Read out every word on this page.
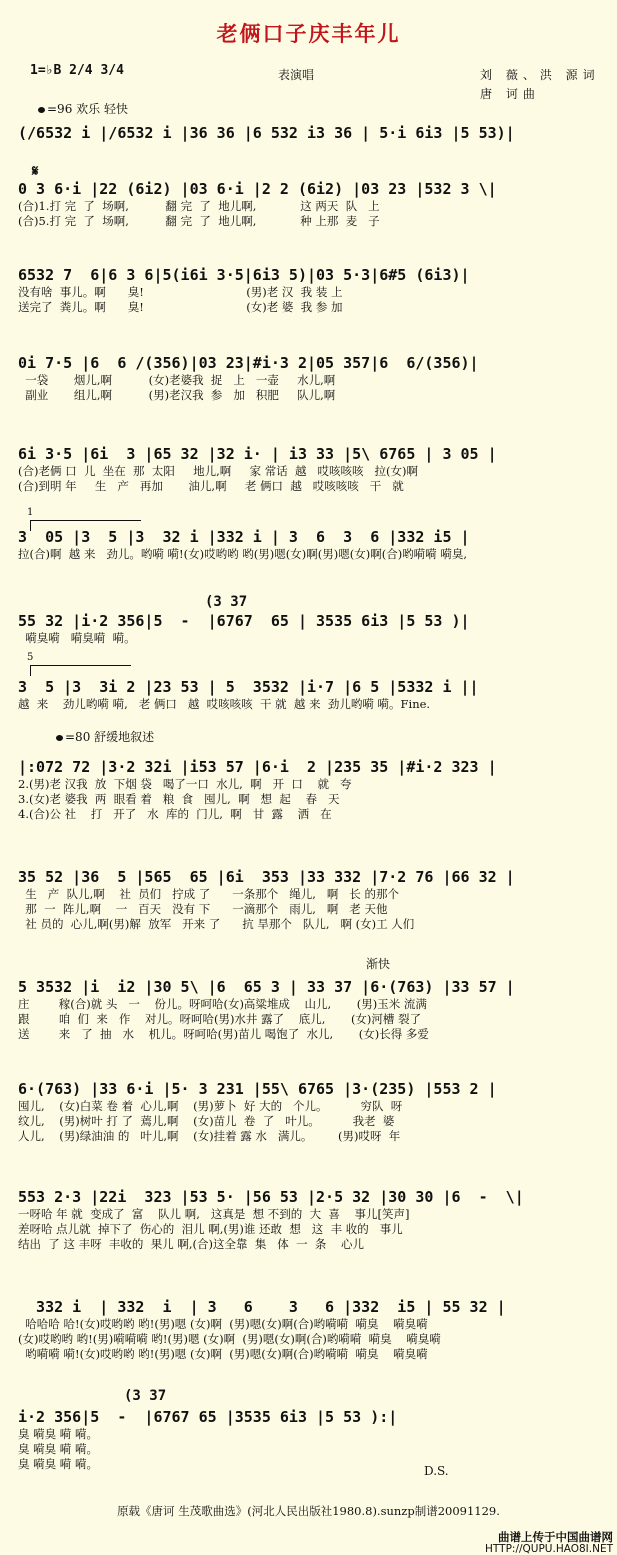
老俩口子庆丰年儿
1=♭B 2/4 3/4	表演唱	刘 薇、洪 源词
唐 诃曲
=96 欢乐 轻快
(/6532 i |/6532 i |36 36 |6 532 i3 36 | 5·i 6i3 |5 53)|
𝄋
0 3 6·i |22 (6i2) |03 6·i |2 2 (6i2) |03 23 |532 3 \|
(合)1.打 完  了  场啊,          翻 完  了  地儿啊,            这 两天  队   上
(合)5.打 完  了  场啊,          翻 完  了  地儿啊,            种 上那  麦   子
6532 7  6|6 3 6|5(i6i 3·5|6i3 5)|03 5·3|6#5 (6i3)|
没有啥  事儿。啊      臭!                            (男)老 汉  我 装 上
送完了  粪儿。啊      臭!                            (女)老 婆  我 参 加
0i 7·5 |6  6 /(356)|03 23|#i·3 2|05 357|6  6/(356)|
一袋       烟儿,啊          (女)老婆我  捉   上   一壶     水儿,啊
副业       组儿,啊          (男)老汉我  参   加   积肥     队儿,啊
6i 3·5 |6i  3 |65 32 |32 i· | i3 33 |5\ 6765 | 3 05 |
(合)老俩 口  儿  坐在  那  太阳     地儿,啊     家 常话  越   哎咳咳咳   拉(女)啊
(合)到明 年     生   产   再加       油儿,啊     老 俩口  越   哎咳咳咳   干   就
1
3  05 |3  5 |3  32 i |332 i | 3  6  3  6 |332 i5 |
拉(合)啊  越 来   劲儿。哟嗬 嗬!(女)哎哟哟 哟(男)嗯(女)啊(男)嗯(女)啊(合)哟嗬嗬 嗬臭,
(3 37
55 32 |i·2 356|5  -  |6767  65 | 3535 6i3 |5 53 )|
嗬臭嗬   嗬臭嗬  嗬。
5
3  5 |3  3i 2 |23 53 | 5  3532 |i·7 |6 5 |5332 i ||
越  来    劲儿哟嗬 嗬,   老 俩口   越  哎咳咳咳  干 就  越 来  劲儿哟嗬 嗬。Fine.
=80 舒缓地叙述
|:072 72 |3·2 32i |i53 57 |6·i  2 |235 35 |#i·2 323 |
2.(男)老 汉我  放  下烟 袋   喝了一口  水儿,  啊   开  口    就   夸
3.(女)老 婆我  两  眼看 着   粮  食   囤儿,  啊   想  起    春   天
4.(合)公 社    打   开了   水  库的  门儿,  啊   甘  露    洒   在
35 52 |36  5 |565  65 |6i  353 |33 332 |7·2 76 |66 32 |
生   产  队儿,啊    社  员们   拧成 了      一条那个   绳儿,   啊   长 的那个
那  一  阵儿,啊    一   百天   没有 下      一滴那个   雨儿,   啊   老 天他
社 员的  心儿,啊(男)解  放军   开来 了      抗 旱那个   队儿,   啊 (女)工 人们
渐快
5 3532 |i  i2 |30 5\ |6  65 3 | 33 37 |6·(763) |33 57 |
庄        稼(合)就 头   一    份儿。呀呵哈(女)高粱堆成    山儿,       (男)玉米 流满
跟        咱  们  来   作    对儿。呀呵哈(男)水井 露了    底儿,       (女)河槽 裂了
送        来   了  抽   水    机儿。呀呵哈(男)苗儿 喝饱了  水儿,       (女)长得 多爱
6·(763) |33 6·i |5· 3 231 |55\ 6765 |3·(235) |553 2 |
囤儿,    (女)白菜 卷 着  心儿,啊    (男)萝卜  好 大的   个儿。         穷队  呀
纹儿,    (男)树叶 打 了  蔫儿,啊    (女)苗儿  卷  了   叶儿。         我老  婆
人儿,    (男)绿油油 的   叶儿,啊    (女)挂着 露 水   满儿。       (男)哎呀  年
553 2·3 |22i  323 |53 5· |56 53 |2·5 32 |30 30 |6  -  \|
一呀哈 年 就  变成了  富    队儿 啊,   这真是  想 不到的  大  喜    事儿[笑声]
差呀哈 点儿就  掉下了  伤心的  泪儿 啊,(男)谁 还敢  想   这  丰 收的   事儿
结出  了 这 丰呀  丰收的  果儿 啊,(合)这全靠  集   体  一  条    心儿
332 i  | 332  i  | 3   6    3   6 |332  i5 | 55 32 |
哈哈哈 哈!(女)哎哟哟 哟!(男)嗯 (女)啊  (男)嗯(女)啊(合)哟嗬嗬  嗬臭    嗬臭嗬
(女)哎哟哟 哟!(男)嗬嗬嗬 哟!(男)嗯 (女)啊  (男)嗯(女)啊(合)哟嗬嗬  嗬臭    嗬臭嗬
哟嗬嗬 嗬!(女)哎哟哟 哟!(男)嗯 (女)啊  (男)嗯(女)啊(合)哟嗬嗬  嗬臭    嗬臭嗬
(3 37
i·2 356|5  -  |6767 65 |3535 6i3 |5 53 ):|
臭 嗬臭 嗬 嗬。
臭 嗬臭 嗬 嗬。
臭 嗬臭 嗬 嗬。	D.S.
原载《唐诃 生茂歌曲选》(河北人民出版社1980.8).sunzp制谱20091129.
曲谱上传于中国曲谱网
HTTP://QUPU.HAO8I.NET
